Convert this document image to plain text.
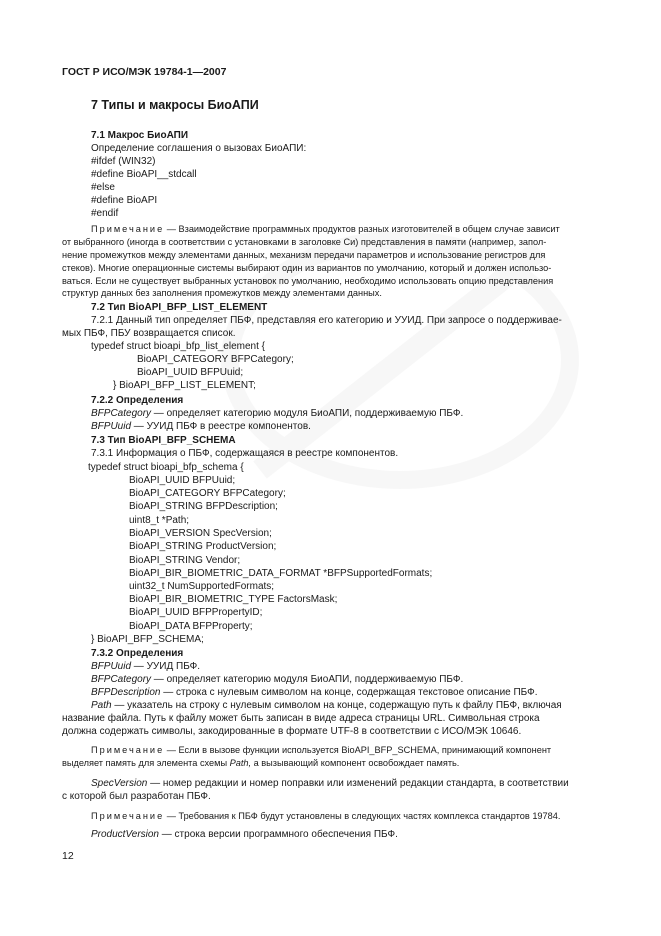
ГОСТ Р ИСО/МЭК 19784-1—2007
7 Типы и макросы БиоАПИ
7.1 Макрос БиоАПИ
Определение соглашения о вызовах БиоАПИ:
#ifdef (WIN32)
#define BioAPI__stdcall
#else
#define BioAPI
#endif
Примечание — Взаимодействие программных продуктов разных изготовителей в общем случае зависит
от выбранного (иногда в соответствии с установками в заголовке Си) представления в памяти (например, запол-
нение промежутков между элементами данных, механизм передачи параметров и использование регистров для
стеков). Многие операционные системы выбирают один из вариантов по умолчанию, который и должен использо-
ваться. Если не существует выбранных установок по умолчанию, необходимо использовать опцию представления
структур данных без заполнения промежутков между элементами данных.
7.2 Тип BioAPI_BFP_LIST_ELEMENT
7.2.1 Данный тип определяет ПБФ, представляя его категорию и УУИД. При запросе о поддерживае-
мых ПБФ, ПБУ возвращается список.
typedef struct bioapi_bfp_list_element {
BioAPI_CATEGORY BFPCategory;
BioAPI_UUID BFPUuid;
} BioAPI_BFP_LIST_ELEMENT;
7.2.2 Определения
BFPCategory — определяет категорию модуля БиоАПИ, поддерживаемую ПБФ.
BFPUuid — УУИД ПБФ в реестре компонентов.
7.3 Тип BioAPI_BFP_SCHEMA
7.3.1 Информация о ПБФ, содержащаяся в реестре компонентов.
typedef struct bioapi_bfp_schema {
BioAPI_UUID BFPUuid;
BioAPI_CATEGORY BFPCategory;
BioAPI_STRING BFPDescription;
uint8_t *Path;
BioAPI_VERSION SpecVersion;
BioAPI_STRING ProductVersion;
BioAPI_STRING Vendor;
BioAPI_BIR_BIOMETRIC_DATA_FORMAT *BFPSupportedFormats;
uint32_t NumSupportedFormats;
BioAPI_BIR_BIOMETRIC_TYPE FactorsMask;
BioAPI_UUID BFPPropertyID;
BioAPI_DATA BFPProperty;
} BioAPI_BFP_SCHEMA;
7.3.2 Определения
BFPUuid — УУИД ПБФ.
BFPCategory — определяет категорию модуля БиоАПИ, поддерживаемую ПБФ.
BFPDescription — строка с нулевым символом на конце, содержащая текстовое описание ПБФ.
Path — указатель на строку с нулевым символом на конце, содержащую путь к файлу ПБФ, включая
название файла. Путь к файлу может быть записан в виде адреса страницы URL. Символьная строка
должна содержать символы, закодированные в формате UTF-8 в соответствии с ИСО/МЭК 10646.
Примечание — Если в вызове функции используется BioAPI_BFP_SCHEMA, принимающий компонент
выделяет память для элемента схемы Path, а вызывающий компонент освобождает память.
SpecVersion — номер редакции и номер поправки или изменений редакции стандарта, в соответствии
с которой был разработан ПБФ.
Примечание — Требования к ПБФ будут установлены в следующих частях комплекса стандартов 19784.
ProductVersion — строка версии программного обеспечения ПБФ.
12
